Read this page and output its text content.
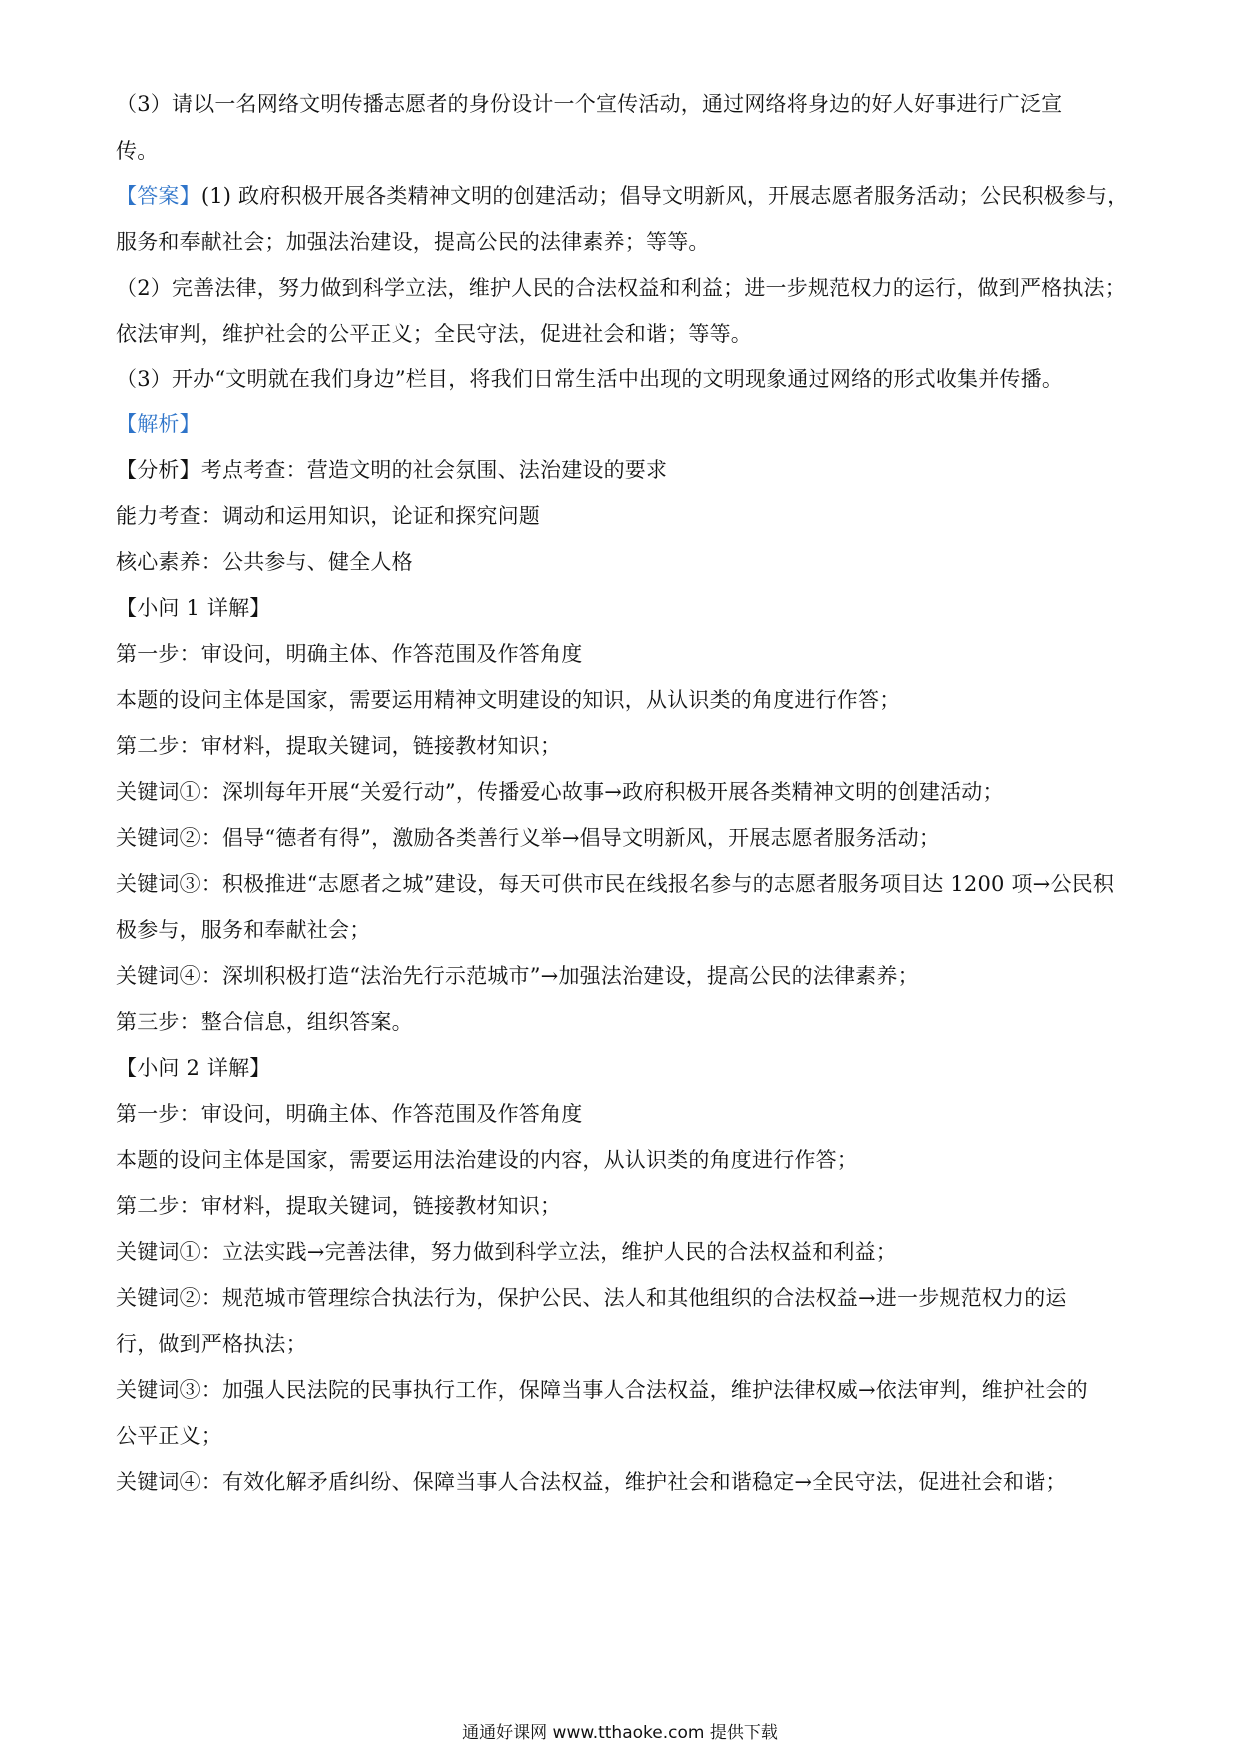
（3）请以一名网络文明传播志愿者的身份设计一个宣传活动，通过网络将身边的好人好事进行广泛宣
传。
【答案】(1) 政府积极开展各类精神文明的创建活动；倡导文明新风，开展志愿者服务活动；公民积极参与，
服务和奉献社会；加强法治建设，提高公民的法律素养；等等。
（2）完善法律，努力做到科学立法，维护人民的合法权益和利益；进一步规范权力的运行，做到严格执法；
依法审判，维护社会的公平正义；全民守法，促进社会和谐；等等。
（3）开办“文明就在我们身边”栏目，将我们日常生活中出现的文明现象通过网络的形式收集并传播。
【解析】
【分析】考点考查：营造文明的社会氛围、法治建设的要求
能力考查：调动和运用知识，论证和探究问题
核心素养：公共参与、健全人格
【小问 1 详解】
第一步：审设问，明确主体、作答范围及作答角度
本题的设问主体是国家，需要运用精神文明建设的知识，从认识类的角度进行作答；
第二步：审材料，提取关键词，链接教材知识；
关键词①：深圳每年开展“关爱行动”，传播爱心故事→政府积极开展各类精神文明的创建活动；
关键词②：倡导“德者有得”，激励各类善行义举→倡导文明新风，开展志愿者服务活动；
关键词③：积极推进“志愿者之城”建设，每天可供市民在线报名参与的志愿者服务项目达 1200 项→公民积
极参与，服务和奉献社会；
关键词④：深圳积极打造“法治先行示范城市”→加强法治建设，提高公民的法律素养；
第三步：整合信息，组织答案。
【小问 2 详解】
第一步：审设问，明确主体、作答范围及作答角度
本题的设问主体是国家，需要运用法治建设的内容，从认识类的角度进行作答；
第二步：审材料，提取关键词，链接教材知识；
关键词①：立法实践→完善法律，努力做到科学立法，维护人民的合法权益和利益；
关键词②：规范城市管理综合执法行为，保护公民、法人和其他组织的合法权益→进一步规范权力的运
行，做到严格执法；
关键词③：加强人民法院的民事执行工作，保障当事人合法权益，维护法律权威→依法审判，维护社会的
公平正义；
关键词④：有效化解矛盾纠纷、保障当事人合法权益，维护社会和谐稳定→全民守法，促进社会和谐；
通通好课网 www.tthaoke.com 提供下载
